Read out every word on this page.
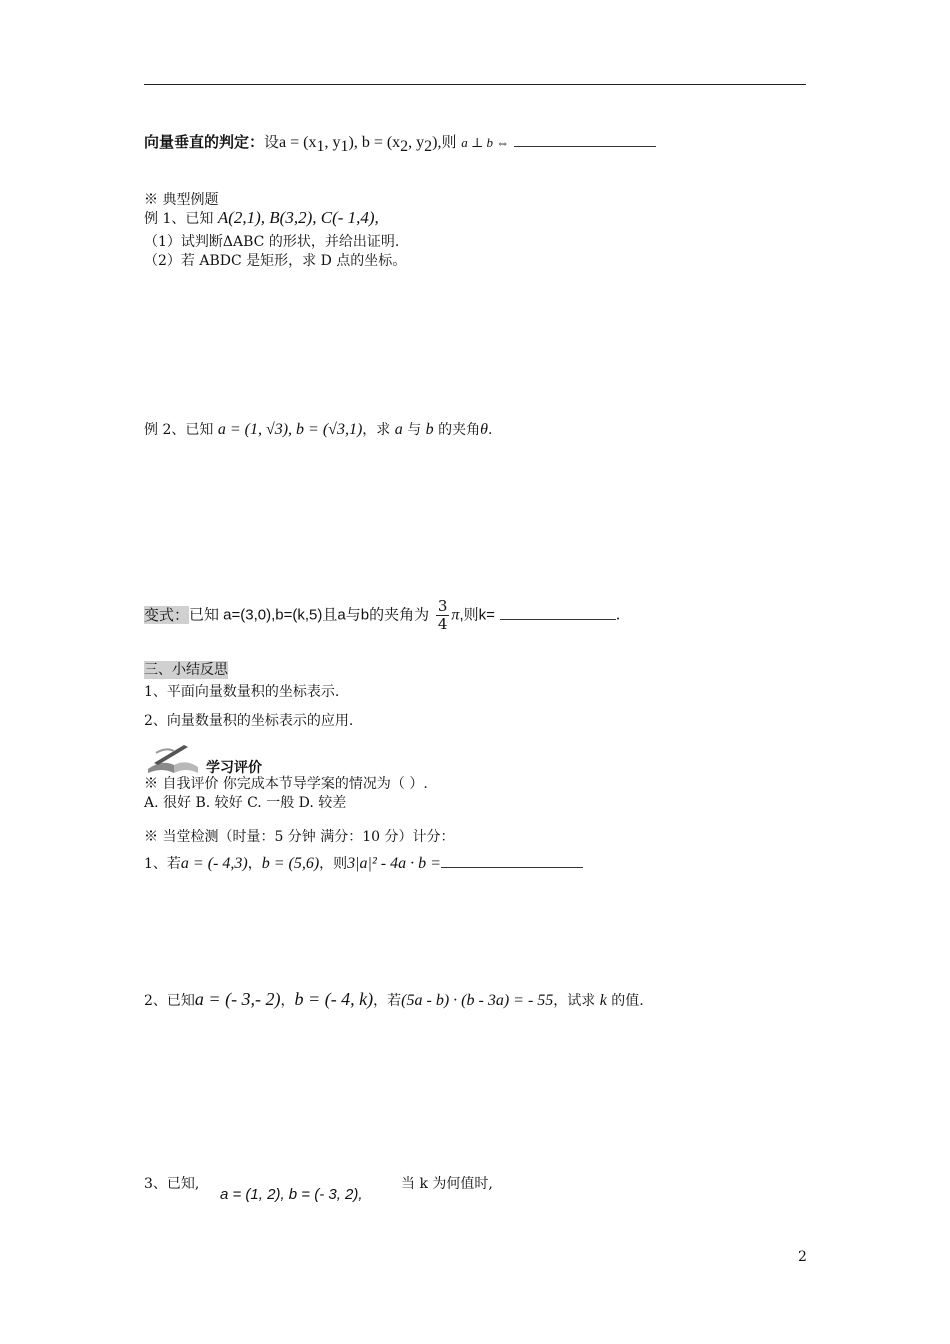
向量垂直的判定：设$a = (x_1$, $y_1$), $b = (x_2$, $y_2$),则 a ⊥ b ⇔
※ 典型例题
例 1、已知 A(2,1), B(3,2), C(- 1,4),
（1）试判断ΔABC 的形状，并给出证明.
（2）若 ABDC 是矩形，求 D 点的坐标。
例 2、已知 a = (1, √3), b = (√3,1)，求 a 与 b 的夹角θ.
变式：已知 a=(3,0),b=(k,5)且a与b的夹角为 $\frac{3}{4} \pi$,则k=	.
三、小结反思
1、平面向量数量积的坐标表示.
2、向量数量积的坐标表示的应用.
学习评价
※ 自我评价 你完成本节导学案的情况为（ ）.
A. 很好 B. 较好 C. 一般 D. 较差
※ 当堂检测（时量：5 分钟 满分：10 分）计分：
1、若a = (- 4,3)，b = (5,6)，则3|a|² - 4a · b =
2、已知a = (- 3,- 2)，b = (- 4, k)，若(5a - b) · (b - 3a) = - 55，试求 k 的值.
3、已知,
a = (1, 2), b = (- 3, 2),
当 k 为何值时,
2
